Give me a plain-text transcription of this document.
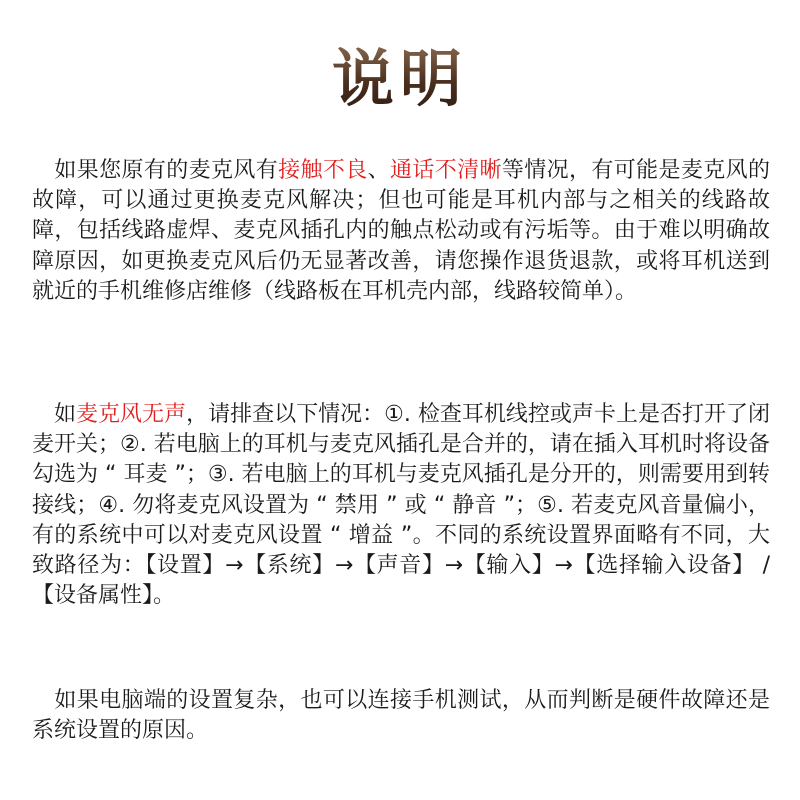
说明

　如果您原有的麦克风有接触不良、通话不清晰等情况，有可能是麦克风的故障，可以通过更换麦克风解决；但也可能是耳机内部与之相关的线路故障，包括线路虚焊、麦克风插孔内的触点松动或有污垢等。由于难以明确故障原因，如更换麦克风后仍无显著改善，请您操作退货退款，或将耳机送到就近的手机维修店维修（线路板在耳机壳内部，线路较简单）。

　如麦克风无声，请排查以下情况：①. 检查耳机线控或声卡上是否打开了闭麦开关；②. 若电脑上的耳机与麦克风插孔是合并的，请在插入耳机时将设备勾选为 “ 耳麦 ”；③. 若电脑上的耳机与麦克风插孔是分开的，则需要用到转接线；④. 勿将麦克风设置为 “ 禁用 ” 或 “ 静音 ”；⑤. 若麦克风音量偏小，有的系统中可以对麦克风设置 “ 增益 ”。不同的系统设置界面略有不同，大致路径为：【设置】→【系统】→【声音】→【输入】→【选择输入设备】 / 【设备属性】。

　如果电脑端的设置复杂，也可以连接手机测试，从而判断是硬件故障还是系统设置的原因。
